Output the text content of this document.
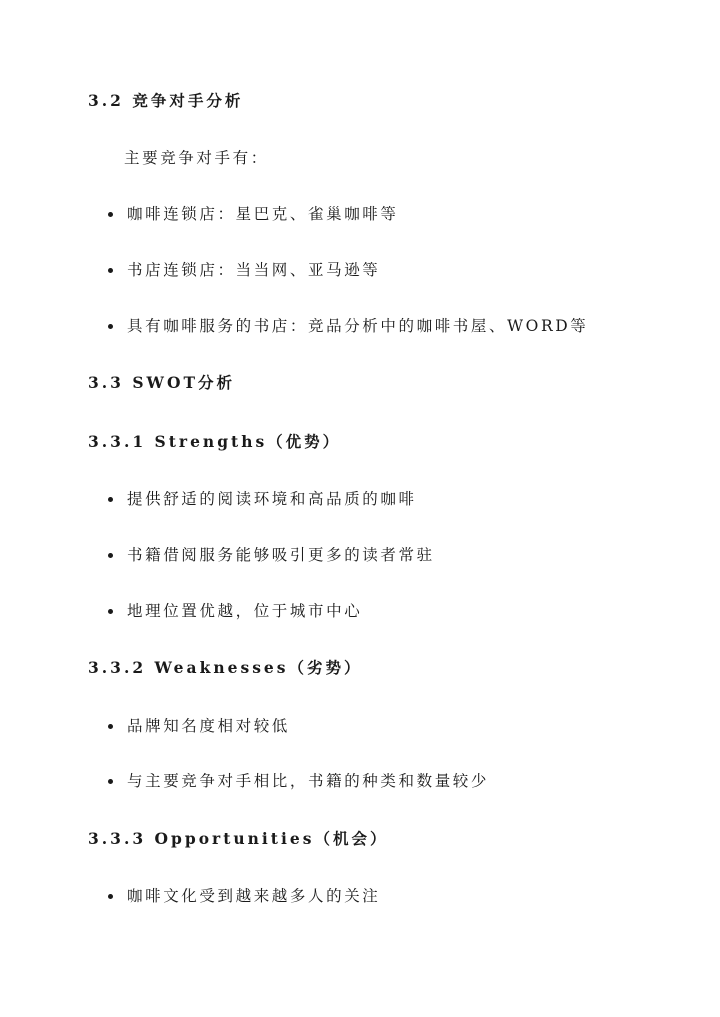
3.2 竞争对手分析
主要竞争对手有：
咖啡连锁店：星巴克、雀巢咖啡等
书店连锁店：当当网、亚马逊等
具有咖啡服务的书店：竞品分析中的咖啡书屋、WORD等
3.3 SWOT分析
3.3.1 Strengths（优势）
提供舒适的阅读环境和高品质的咖啡
书籍借阅服务能够吸引更多的读者常驻
地理位置优越，位于城市中心
3.3.2 Weaknesses（劣势）
品牌知名度相对较低
与主要竞争对手相比，书籍的种类和数量较少
3.3.3 Opportunities（机会）
咖啡文化受到越来越多人的关注
